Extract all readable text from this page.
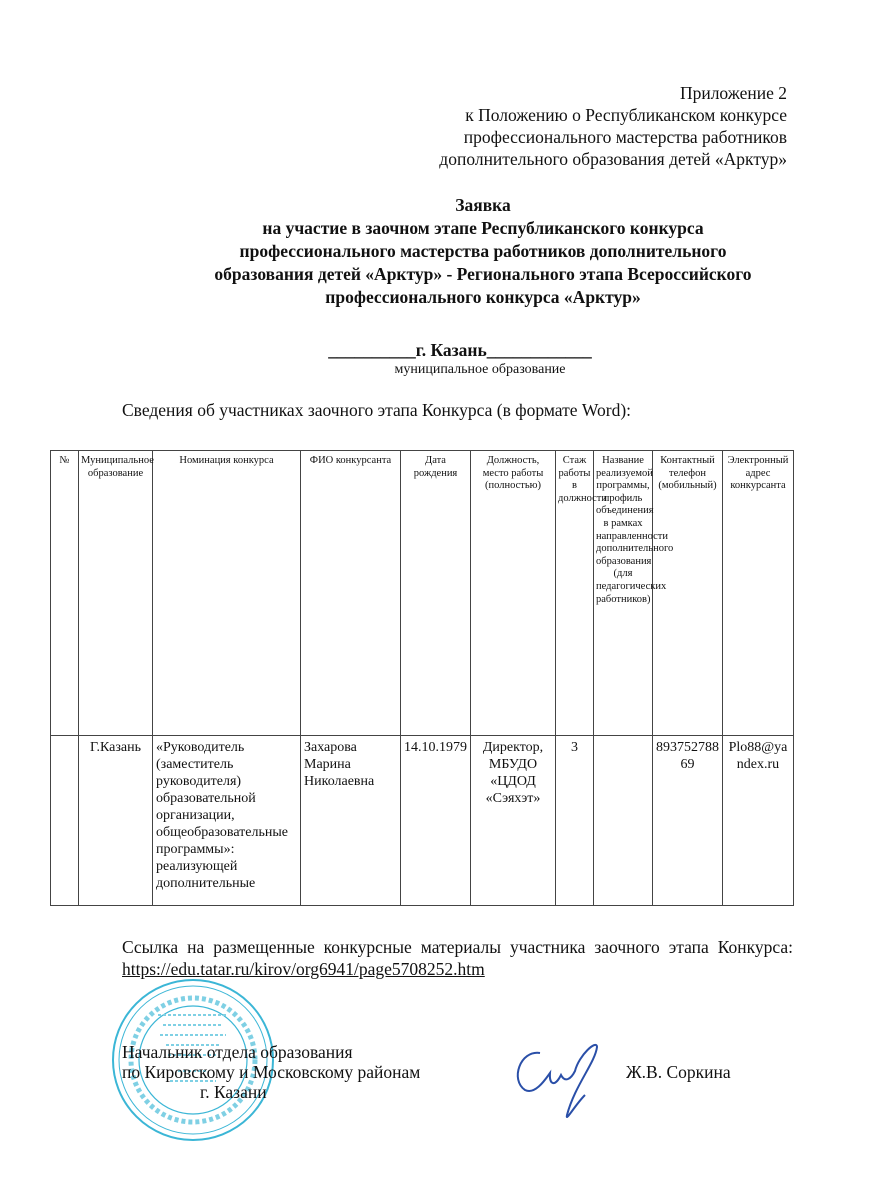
Приложение 2
к Положению о Республиканском конкурсе
профессионального мастерства работников
дополнительного образования детей «Арктур»
Заявка
на участие в заочном этапе Республиканского конкурса
профессионального мастерства работников дополнительного
образования детей «Арктур» - Регионального этапа Всероссийского
профессионального конкурса «Арктур»
__________г. Казань____________
муниципальное образование
Сведения об участниках заочного этапа Конкурса (в формате Word):
№	Муниципальное образование	Номинация конкурса	ФИО конкурсанта	Дата рождения	Должность, место работы (полностью)	Стаж работы в должности	Название реализуемой программы, профиль объединения в рамках направленности дополнительного образования (для педагогических работников)	Контактный телефон (мобильный)	Электронный адрес конкурсанта
	Г.Казань	«Руководитель (заместитель руководителя) образовательной организации, общеобразовательные программы»: реализующей дополнительные	Захарова Марина Николаевна	14.10.1979	Директор, МБУДО «ЦДОД «Сэяхэт»	3		89375278869	Plo88@yandex.ru
Ссылка на размещенные конкурсные материалы участника заочного этапа Конкурса: https://edu.tatar.ru/kirov/org6941/page5708252.htm
Начальник отдела образования
по Кировскому и Московскому районам
г. Казани
Ж.В. Соркина
